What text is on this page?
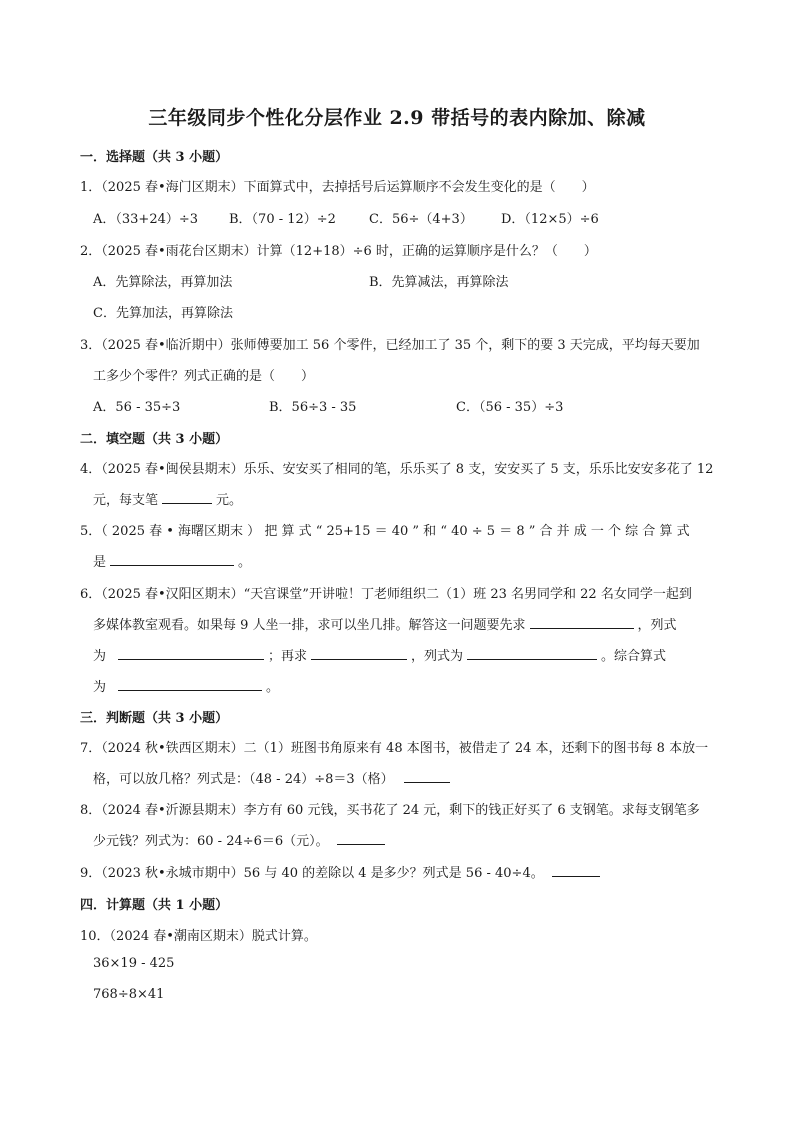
三年级同步个性化分层作业 2.9 带括号的表内除加、除减
一．选择题（共 3 小题）
1．（2025 春•海门区期末）下面算式中，去掉括号后运算顺序不会发生变化的是（　　）
A．（33+24）÷3 B．（70 - 12）÷2	C．56÷（4+3） D．（12×5）÷6
2．（2025 春•雨花台区期末）计算（12+18）÷6 时，正确的运算顺序是什么？（　　）
A．先算除法，再算加法	B．先算减法，再算除法
C．先算加法，再算除法
3．（2025 春•临沂期中）张师傅要加工 56 个零件，已经加工了 35 个，剩下的要 3 天完成，平均每天要加
工多少个零件？列式正确的是（　　）
A．56 - 35÷3	B．56÷3 - 35	C．（56 - 35）÷3
二．填空题（共 3 小题）
4．（2025 春•闽侯县期末）乐乐、安安买了相同的笔，乐乐买了 8 支，安安买了 5 支，乐乐比安安多花了 12
元，每支笔	元。
5．（ 2025 春 • 海曙区期末 ） 把 算 式 “ 25+15 ＝ 40 ” 和 “ 40 ÷ 5 ＝ 8 ” 合 并 成 一 个 综 合 算 式
是	。
6．（2025 春•汉阳区期末）“天宫课堂”开讲啦！丁老师组织二（1）班 23 名男同学和 22 名女同学一起到
多媒体教室观看。如果每 9 人坐一排，求可以坐几排。解答这一问题要先求	，列式
为	；再求	，列式为	。综合算式
为	。
三．判断题（共 3 小题）
7．（2024 秋•铁西区期末）二（1）班图书角原来有 48 本图书，被借走了 24 本，还剩下的图书每 8 本放一
格，可以放几格？列式是：（48 - 24）÷8＝3（格）
8．（2024 春•沂源县期末）李方有 60 元钱，买书花了 24 元，剩下的钱正好买了 6 支钢笔。求每支钢笔多
少元钱？列式为：60 - 24÷6＝6（元）。
9．（2023 秋•永城市期中）56 与 40 的差除以 4 是多少？列式是 56 - 40÷4。
四．计算题（共 1 小题）
10．（2024 春•潮南区期末）脱式计算。
36×19 - 425
768÷8×41
